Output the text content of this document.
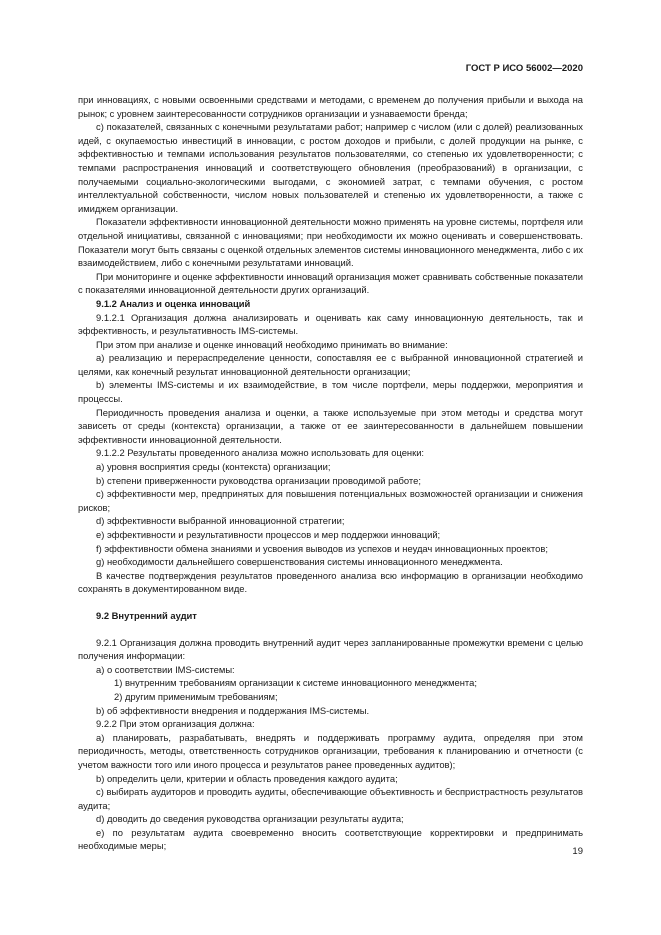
ГОСТ Р ИСО 56002—2020

при инновациях, с новыми освоенными средствами и методами, с временем до получения прибыли и выхода на рынок; с уровнем заинтересованности сотрудников организации и узнаваемости бренда;

с) показателей, связанных с конечными результатами работ; например с числом (или с долей) реализованных идей, с окупаемостью инвестиций в инновации, с ростом доходов и прибыли, с долей продукции на рынке, с эффективностью и темпами использования результатов пользователями, со степенью их удовлетворенности; с темпами распространения инноваций и соответствующего обновления (преобразований) в организации, с получаемыми социально-экологическими выгодами, с экономией затрат, с темпами обучения, с ростом интеллектуальной собственности, числом новых пользователей и степенью их удовлетворенности, а также с имиджем организации.

Показатели эффективности инновационной деятельности можно применять на уровне системы, портфеля или отдельной инициативы, связанной с инновациями; при необходимости их можно оценивать и совершенствовать. Показатели могут быть связаны с оценкой отдельных элементов системы инновационного менеджмента, либо с их взаимодействием, либо с конечными результатами инноваций.

При мониторинге и оценке эффективности инноваций организация может сравнивать собственные показатели с показателями инновационной деятельности других организаций.

9.1.2 Анализ и оценка инноваций

9.1.2.1 Организация должна анализировать и оценивать как саму инновационную деятельность, так и эффективность, и результативность IMS-системы.

При этом при анализе и оценке инноваций необходимо принимать во внимание:

a) реализацию и перераспределение ценности, сопоставляя ее с выбранной инновационной стратегией и целями, как конечный результат инновационной деятельности организации;

b) элементы IMS-системы и их взаимодействие, в том числе портфели, меры поддержки, мероприятия и процессы.

Периодичность проведения анализа и оценки, а также используемые при этом методы и средства могут зависеть от среды (контекста) организации, а также от ее заинтересованности в дальнейшем повышении эффективности инновационной деятельности.

9.1.2.2 Результаты проведенного анализа можно использовать для оценки:

a) уровня восприятия среды (контекста) организации;

b) степени приверженности руководства организации проводимой работе;

c) эффективности мер, предпринятых для повышения потенциальных возможностей организации и снижения рисков;

d) эффективности выбранной инновационной стратегии;

e) эффективности и результативности процессов и мер поддержки инноваций;

f) эффективности обмена знаниями и усвоения выводов из успехов и неудач инновационных проектов;

g) необходимости дальнейшего совершенствования системы инновационного менеджмента.

В качестве подтверждения результатов проведенного анализа всю информацию в организации необходимо сохранять в документированном виде.

9.2 Внутренний аудит

9.2.1 Организация должна проводить внутренний аудит через запланированные промежутки времени с целью получения информации:

a) о соответствии IMS-системы:

1) внутренним требованиям организации к системе инновационного менеджмента;

2) другим применимым требованиям;

b) об эффективности внедрения и поддержания IMS-системы.

9.2.2 При этом организация должна:

a) планировать, разрабатывать, внедрять и поддерживать программу аудита, определяя при этом периодичность, методы, ответственность сотрудников организации, требования к планированию и отчетности (с учетом важности того или иного процесса и результатов ранее проведенных аудитов);

b) определить цели, критерии и область проведения каждого аудита;

c) выбирать аудиторов и проводить аудиты, обеспечивающие объективность и беспристрастность результатов аудита;

d) доводить до сведения руководства организации результаты аудита;

e) по результатам аудита своевременно вносить соответствующие корректировки и предпринимать необходимые меры;

19
